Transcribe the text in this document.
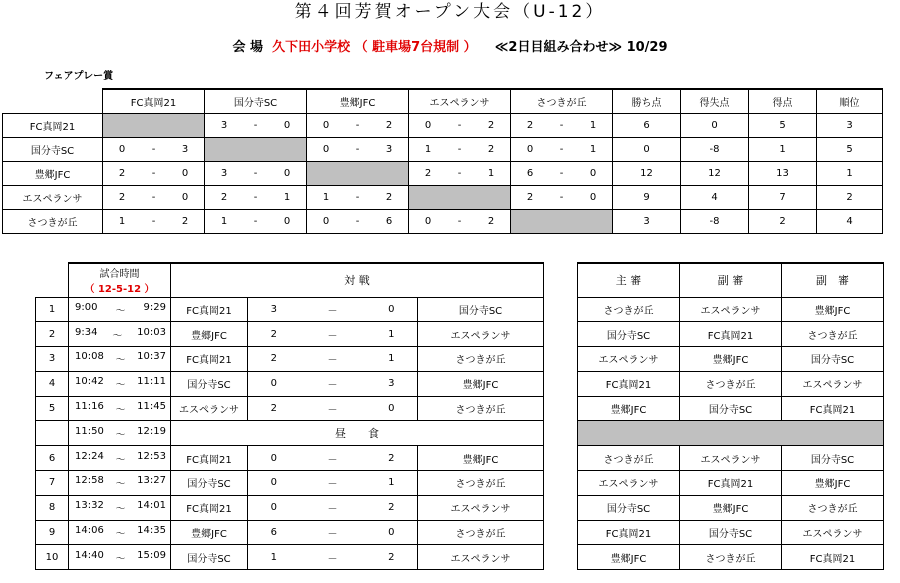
第４回芳賀オープン大会（U-12）
会 場 久下田小学校 （ 駐車場7台規制 ） ≪2日目組み合わせ≫ 10/29
フェアプレー賞
	FC真岡21	国分寺SC	豊郷JFC	エスペランサ	さつきが丘	勝ち点	得失点	得点	順位
FC真岡21		3 - 0	0 - 2	0 - 2	2 - 1	6	0	5	3
国分寺SC	0 - 3		0 - 3	1 - 2	0 - 1	0	-8	1	5
豊郷JFC	2 - 0	3 - 0		2 - 1	6 - 0	12	12	13	1
エスペランサ	2 - 0	2 - 1	1 - 2		2 - 0	9	4	7	2
さつきが丘	1 - 2	1 - 0	0 - 6	0 - 2		3	-8	2	4

	試合時間
（ 12-5-12 ）	対 戦				
1	9:00 ～ 9:29	FC真岡21	3	－	0	国分寺SC
2	9:34 ～ 10:03	豊郷JFC	2	－	1	エスペランサ
3	10:08 ～ 10:37	FC真岡21	2	－	1	さつきが丘
4	10:42 ～ 11:11	国分寺SC	0	－	3	豊郷JFC
5	11:16 ～ 11:45	エスペランサ	2	－	0	さつきが丘

	11:50 ～ 12:19	昼　　食				
6	12:24 ～ 12:53	FC真岡21	0	－	2	豊郷JFC
7	12:58 ～ 13:27	国分寺SC	0	－	1	さつきが丘
8	13:32 ～ 14:01	FC真岡21	0	－	2	エスペランサ
9	14:06 ～ 14:35	豊郷JFC	6	－	0	さつきが丘
10	14:40 ～ 15:09	国分寺SC	1	－	2	エスペランサ
主 審	副 審	副　審
さつきが丘	エスペランサ	豊郷JFC
国分寺SC	FC真岡21	さつきが丘
エスペランサ	豊郷JFC	国分寺SC
FC真岡21	さつきが丘	エスペランサ
豊郷JFC	国分寺SC	FC真岡21

さつきが丘	エスペランサ	国分寺SC
エスペランサ	FC真岡21	豊郷JFC
国分寺SC	豊郷JFC	さつきが丘
FC真岡21	国分寺SC	エスペランサ
豊郷JFC	さつきが丘	FC真岡21
